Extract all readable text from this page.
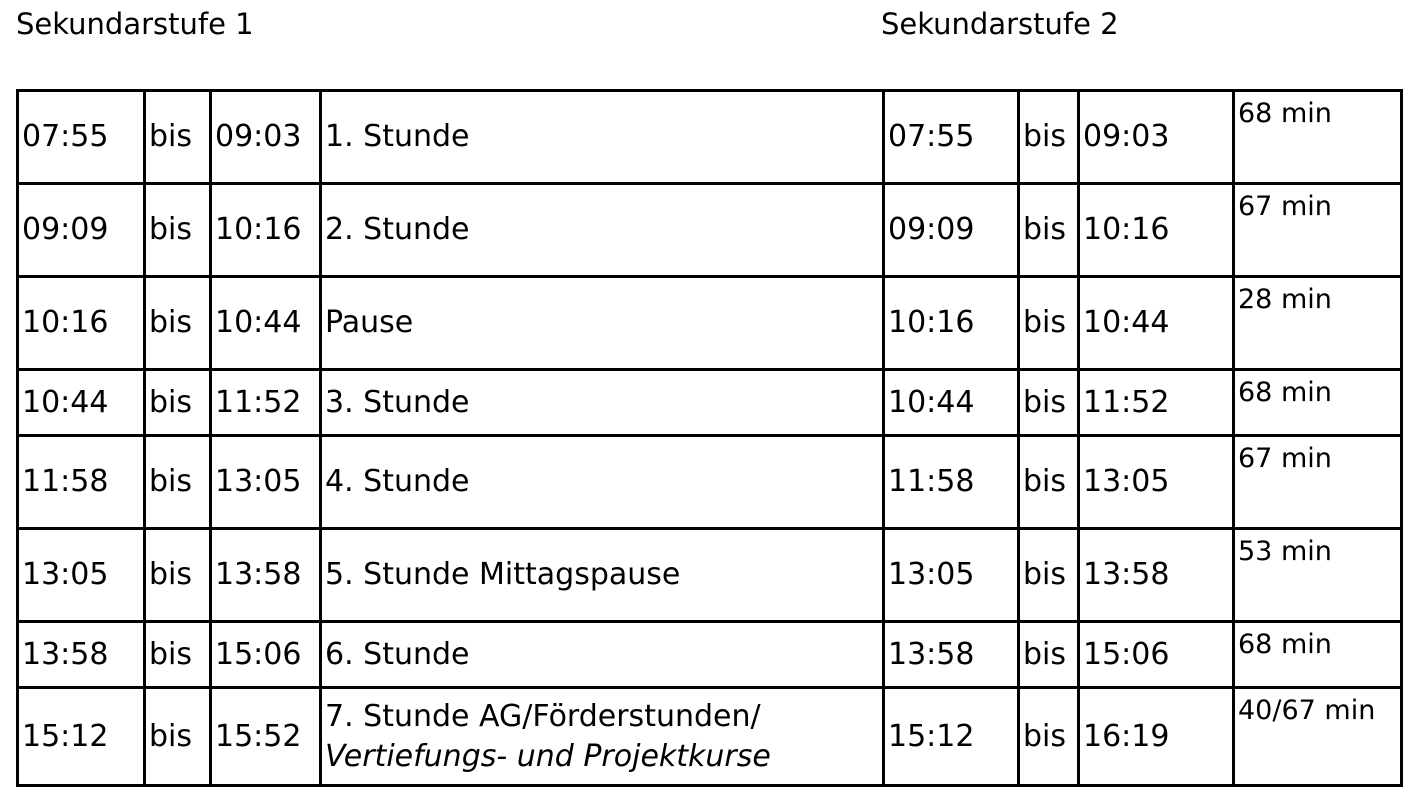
Sekundarstufe 1	Sekundarstufe 2
07:55	bis	09:03	1. Stunde	07:55	bis	09:03	68 min
09:09	bis	10:16	2. Stunde	09:09	bis	10:16	67 min
10:16	bis	10:44	Pause	10:16	bis	10:44	28 min
10:44	bis	11:52	3. Stunde	10:44	bis	11:52	68 min
11:58	bis	13:05	4. Stunde	11:58	bis	13:05	67 min
13:05	bis	13:58	5. Stunde Mittagspause	13:05	bis	13:58	53 min
13:58	bis	15:06	6. Stunde	13:58	bis	15:06	68 min
15:12	bis	15:52	7. Stunde AG/Förderstunden/
Vertiefungs- und Projektkurse	15:12	bis	16:19	40/67 min
